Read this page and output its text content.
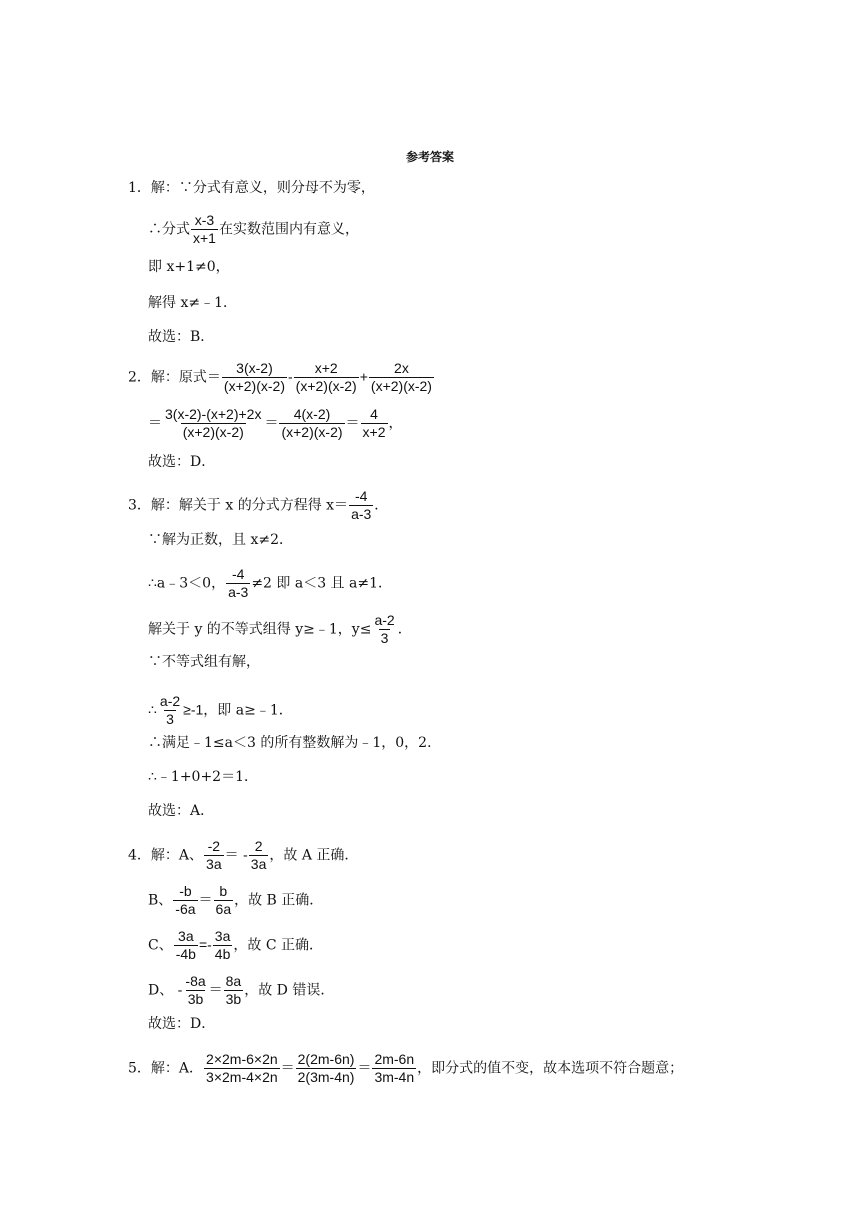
参考答案
1．解：∵分式有意义，则分母不为零，
∴分式 $\frac{x-3}{x+1}$ 在实数范围内有意义，
即 x+1≠0，
解得 x≠﹣1．
故选：B．
2．解：原式＝ $\frac{3(x-2)}{(x+2)(x-2)} - \frac{x+2}{(x+2)(x-2)} + \frac{2x}{(x+2)(x-2)}$
＝ $\frac{3(x-2)-(x+2)+2x}{(x+2)(x-2)} = \frac{4(x-2)}{(x+2)(x-2)} = \frac{4}{x+2}$ ，
故选：D．
3．解：解关于 x 的分式方程得 $x= \frac{-4}{a-3}$ ．
∵解为正数，且 x≠2．
∴a﹣3＜0， $\frac{-4}{a-3} \ne 2$ 即 a＜3 且 a≠1．
解关于 y 的不等式组得 y≥﹣1，$y\le \frac{a-2}{3}$ ．
∵不等式组有解，
∴ $\frac{a-2}{3} \ge-1$，即 a≥﹣1．
∴满足﹣1≤a＜3 的所有整数解为﹣1，0，2．
∴﹣1+0+2＝1．
故选：A．
4．解：A、 $\frac{-2}{3a}$ ＝ - $\frac{2}{3a}$ ，故 A 正确．
B、 $\frac{-b}{-6a} = \frac{b}{6a}$ ，故 B 正确．
C、 $\frac{3a}{-4b} =- \frac{3a}{4b}$ ，故 C 正确．
D、 - $\frac{-8a}{3b} = \frac{8a}{3b}$ ，故 D 错误．
故选：D．
5．解：A． $\frac{2\times 2m-6\times 2n}{3\times 2m-4\times 2n} = \frac{2(2m-6n)}{2(3m-4n)} = \frac{2m-6n}{3m-4n}$ ，即分式的值不变，故本选项不符合题意；
